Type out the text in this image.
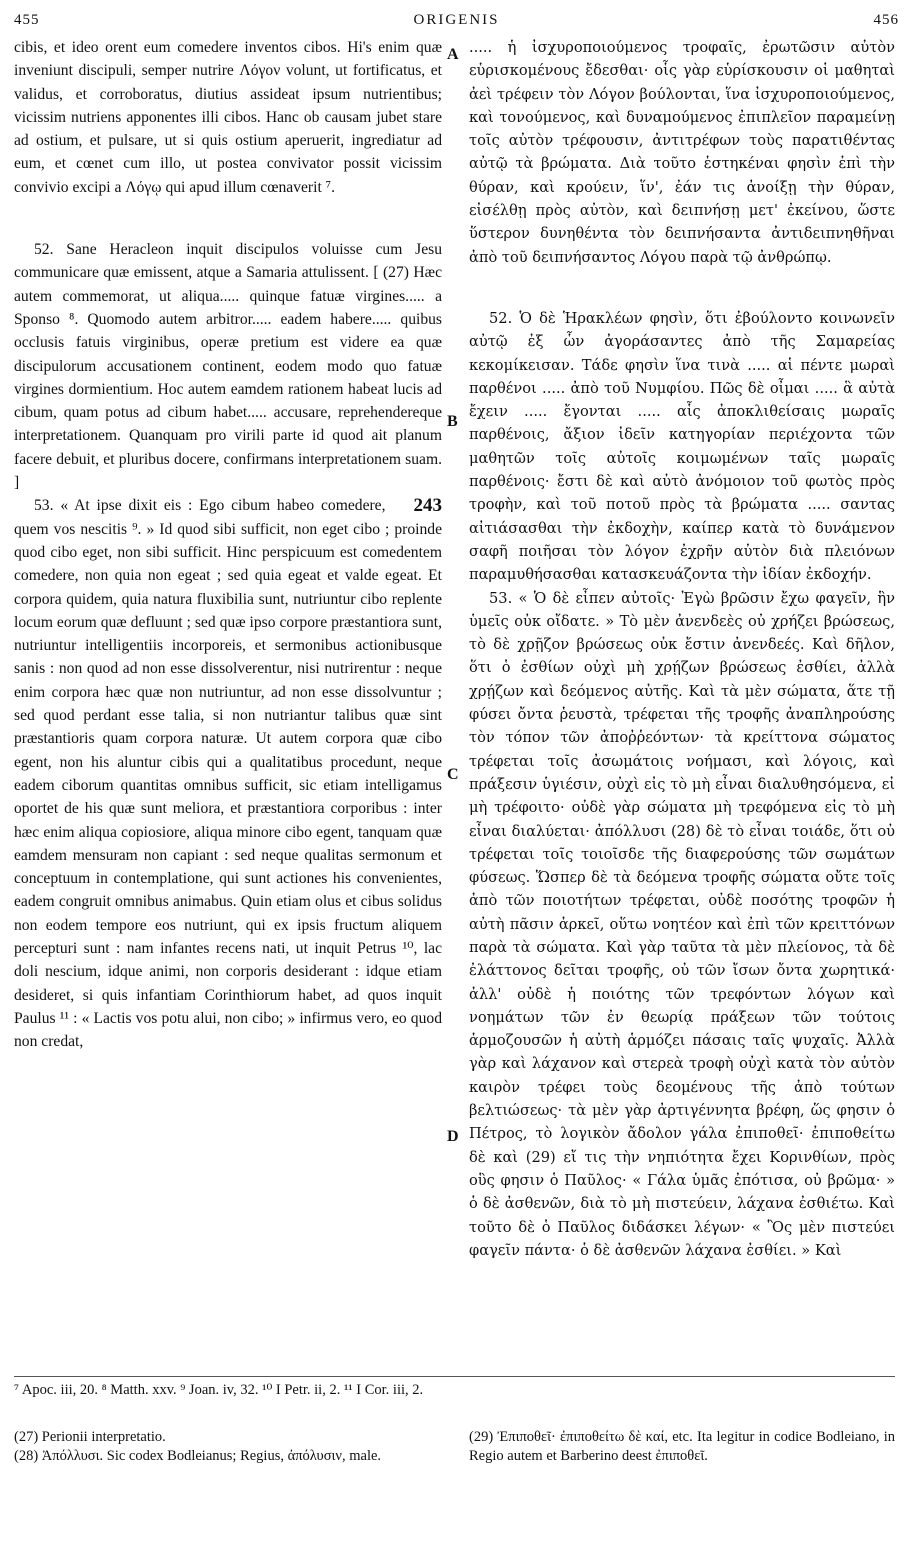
455	ORIGENIS	456
A
B
C
D

cibis, et ideo orent eum comedere inventos cibos. Hi's enim quæ inveniunt discipuli, semper nutrire Λόγον volunt, ut fortificatus, et validus, et corroboratus, diutius assideat ipsum nutrientibus; vicissim nutriens apponentes illi cibos. Hanc ob causam jubet stare ad ostium, et pulsare, ut si quis ostium aperuerit, ingrediatur ad eum, et cœnet cum illo, ut postea convivator possit vicissim convivio excipi a Λόγῳ qui apud illum cœnaverit ⁷.

52. Sane Heracleon inquit discipulos voluisse cum Jesu communicare quæ emissent, atque a Samaria attulissent. [ (27) Hæc autem commemorat, ut aliqua..... quinque fatuæ virgines..... a Sponso ⁸. Quomodo autem arbitror..... eadem habere..... quibus occlusis fatuis virginibus, operæ pretium est videre ea quæ discipulorum accusationem continent, eodem modo quo fatuæ virgines dormientium. Hoc autem eamdem rationem habeat lucis ad cibum, quam potus ad cibum habet..... accusare, reprehendereque interpretationem. Quanquam pro virili parte id quod ait planum facere debuit, et pluribus docere, confirmans interpretationem suam. ]

243
53. « At ipse dixit eis : Ego cibum habeo comedere, quem vos nescitis ⁹. » Id quod sibi sufficit, non eget cibo ; proinde quod cibo eget, non sibi sufficit. Hinc perspicuum est comedentem comedere, non quia non egeat ; sed quia egeat et valde egeat. Et corpora quidem, quia natura fluxibilia sunt, nutriuntur cibo replente locum eorum quæ defluunt ; sed quæ ipso corpore præstantiora sunt, nutriuntur intelligentiis incorporeis, et sermonibus actionibusque sanis : non quod ad non esse dissolverentur, nisi nutrirentur : neque enim corpora hæc quæ non nutriuntur, ad non esse dissolvuntur ; sed quod perdant esse talia, si non nutriantur talibus quæ sint præstantioris quam corpora naturæ. Ut autem corpora quæ cibo egent, non his aluntur cibis qui a qualitatibus procedunt, neque eadem ciborum quantitas omnibus sufficit, sic etiam intelligamus oportet de his quæ sunt meliora, et præstantiora corporibus : inter hæc enim aliqua copiosiore, aliqua minore cibo egent, tanquam quæ eamdem mensuram non capiant : sed neque qualitas sermonum et conceptuum in contemplatione, qui sunt actiones his convenientes, eadem congruit omnibus animabus. Quin etiam olus et cibus solidus non eodem tempore eos nutriunt, qui ex ipsis fructum aliquem percepturi sunt : nam infantes recens nati, ut inquit Petrus ¹⁰, lac doli nescium, idque animi, non corporis desiderant : idque etiam desideret, si quis infantiam Corinthiorum habet, ad quos inquit Paulus ¹¹ : « Lactis vos potu alui, non cibo; » infirmus vero, eo quod non credat,

..... ἡ ἰσχυροποιούμενος τροφαῖς, ἐρωτῶσιν αὐτὸν εὑρισκομένους ἔδεσθαι· οἷς γὰρ εὑρίσκουσιν οἱ μαθηταὶ ἀεὶ τρέφειν τὸν Λόγον βούλονται, ἵνα ἰσχυροποιούμενος, καὶ τονούμενος, καὶ δυναμούμενος ἐπιπλεῖον παραμείνῃ τοῖς αὐτὸν τρέφουσιν, ἀντιτρέφων τοὺς παρατιθέντας αὐτῷ τὰ βρώματα. Διὰ τοῦτο ἑστηκέναι φησὶν ἐπὶ τὴν θύραν, καὶ κρούειν, ἵν', ἐάν τις ἀνοίξῃ τὴν θύραν, εἰσέλθῃ πρὸς αὐτὸν, καὶ δειπνήσῃ μετ' ἐκείνου, ὥστε ὕστερον δυνηθέντα τὸν δειπνήσαντα ἀντιδειπνηθῆναι ἀπὸ τοῦ δειπνήσαντος Λόγου παρὰ τῷ ἀνθρώπῳ.

52. Ὁ δὲ Ἡρακλέων φησὶν, ὅτι ἐβούλοντο κοινωνεῖν αὐτῷ ἐξ ὧν ἀγοράσαντες ἀπὸ τῆς Σαμαρείας κεκομίκεισαν. Τάδε φησὶν ἵνα τινὰ ..... αἱ πέντε μωραὶ παρθένοι ..... ἀπὸ τοῦ Νυμφίου. Πῶς δὲ οἶμαι ..... ἃ αὐτὰ ἔχειν ..... ἔγονται ..... αἷς ἀποκλιθείσαις μωραῖς παρθένοις, ἄξιον ἰδεῖν κατηγορίαν περιέχοντα τῶν μαθητῶν τοῖς αὐτοῖς κοιμωμένων ταῖς μωραῖς παρθένοις· ἔστι δὲ καὶ αὐτὸ ἀνόμοιον τοῦ φωτὸς πρὸς τροφὴν, καὶ τοῦ ποτοῦ πρὸς τὰ βρώματα ..... σαντας αἰτιάσασθαι τὴν ἐκδοχὴν, καίπερ κατὰ τὸ δυνάμενον σαφῆ ποιῆσαι τὸν λόγον ἐχρῆν αὐτὸν διὰ πλειόνων παραμυθήσασθαι κατασκευάζοντα τὴν ἰδίαν ἐκδοχήν.

53. « Ὁ δὲ εἶπεν αὐτοῖς· Ἐγὼ βρῶσιν ἔχω φαγεῖν, ἣν ὑμεῖς οὐκ οἴδατε. » Τὸ μὲν ἀνενδεὲς οὐ χρήζει βρώσεως, τὸ δὲ χρῇζον βρώσεως οὐκ ἔστιν ἀνενδεές. Καὶ δῆλον, ὅτι ὁ ἐσθίων οὐχὶ μὴ χρῄζων βρώσεως ἐσθίει, ἀλλὰ χρῄζων καὶ δεόμενος αὐτῆς. Καὶ τὰ μὲν σώματα, ἅτε τῇ φύσει ὄντα ῥευστὰ, τρέφεται τῆς τροφῆς ἀναπληρούσης τὸν τόπον τῶν ἀποῤῥεόντων· τὰ κρείττονα σώματος τρέφεται τοῖς ἀσωμάτοις νοήμασι, καὶ λόγοις, καὶ πράξεσιν ὑγιέσιν, οὐχὶ εἰς τὸ μὴ εἶναι διαλυθησόμενα, εἰ μὴ τρέφοιτο· οὐδὲ γὰρ σώματα μὴ τρεφόμενα εἰς τὸ μὴ εἶναι διαλύεται· ἀπόλλυσι (28) δὲ τὸ εἶναι τοιάδε, ὅτι οὐ τρέφεται τοῖς τοιοῖσδε τῆς διαφερούσης τῶν σωμάτων φύσεως. Ὥσπερ δὲ τὰ δεόμενα τροφῆς σώματα οὔτε τοῖς ἀπὸ τῶν ποιοτήτων τρέφεται, οὐδὲ ποσότης τροφῶν ἡ αὐτὴ πᾶσιν ἀρκεῖ, οὕτω νοητέον καὶ ἐπὶ τῶν κρειττόνων παρὰ τὰ σώματα. Καὶ γὰρ ταῦτα τὰ μὲν πλείονος, τὰ δὲ ἐλάττονος δεῖται τροφῆς, οὐ τῶν ἴσων ὄντα χωρητικά· ἀλλ' οὐδὲ ἡ ποιότης τῶν τρεφόντων λόγων καὶ νοημάτων τῶν ἐν θεωρίᾳ πράξεων τῶν τούτοις ἁρμοζουσῶν ἡ αὐτὴ ἁρμόζει πάσαις ταῖς ψυχαῖς. Ἀλλὰ γὰρ καὶ λάχανον καὶ στερεὰ τροφὴ οὐχὶ κατὰ τὸν αὐτὸν καιρὸν τρέφει τοὺς δεομένους τῆς ἀπὸ τούτων βελτιώσεως· τὰ μὲν γὰρ ἀρτιγέννητα βρέφη, ὥς φησιν ὁ Πέτρος, τὸ λογικὸν ἄδολον γάλα ἐπιποθεῖ· ἐπιποθείτω δὲ καὶ (29) εἴ τις τὴν νηπιότητα ἔχει Κορινθίων, πρὸς οὓς φησιν ὁ Παῦλος· « Γάλα ὑμᾶς ἐπότισα, οὐ βρῶμα· » ὁ δὲ ἀσθενῶν, διὰ τὸ μὴ πιστεύειν, λάχανα ἐσθιέτω. Καὶ τοῦτο δὲ ὁ Παῦλος διδάσκει λέγων· « Ὃς μὲν πιστεύει φαγεῖν πάντα· ὁ δὲ ἀσθενῶν λάχανα ἐσθίει. » Καὶ

⁷ Apoc. iii, 20. ⁸ Matth. xxv. ⁹ Joan. iv, 32. ¹⁰ I Petr. ii, 2. ¹¹ I Cor. iii, 2.

(27) Perionii interpretatio.

(28) Ἀπόλλυσι. Sic codex Bodleianus; Regius, ἀπόλυσιν, male.

(29) Ἐπιποθεῖ· ἐπιποθείτω δὲ καί, etc. Ita legitur in codice Bodleiano, in Regio autem et Barberino deest ἐπιποθεῖ.
